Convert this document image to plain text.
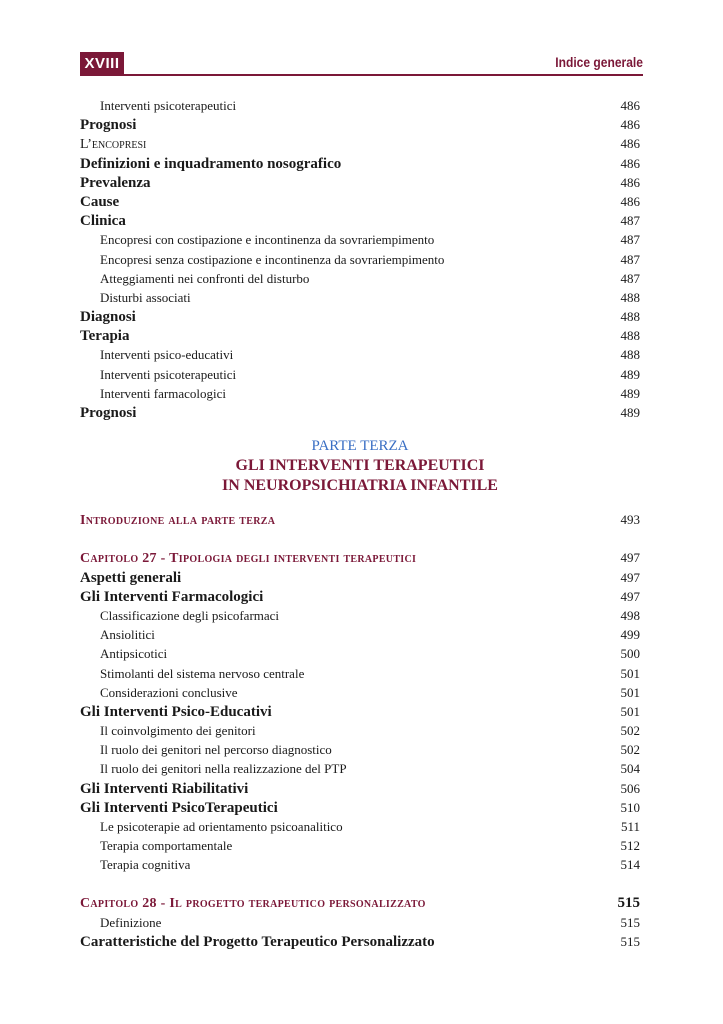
XVIII	Indice generale
Interventi psicoterapeutici	486
Prognosi	486
L’encopresi	486
Definizioni e inquadramento nosografico	486
Prevalenza	486
Cause	486
Clinica	487
Encopresi con costipazione e incontinenza da sovrariempimento	487
Encopresi senza costipazione e incontinenza da sovrariempimento	487
Atteggiamenti nei confronti del disturbo	487
Disturbi associati	488
Diagnosi	488
Terapia	488
Interventi psico-educativi	488
Interventi psicoterapeutici	489
Interventi farmacologici	489
Prognosi	489
PARTE TERZA
GLI INTERVENTI TERAPEUTICI
IN NEUROPSICHIATRIA INFANTILE
Introduzione alla parte terza	493
Capitolo 27 - Tipologia degli interventi terapeutici	497
Aspetti generali	497
Gli Interventi Farmacologici	497
Classificazione degli psicofarmaci	498
Ansiolitici	499
Antipsicotici	500
Stimolanti del sistema nervoso centrale	501
Considerazioni conclusive	501
Gli Interventi Psico-Educativi	501
Il coinvolgimento dei genitori	502
Il ruolo dei genitori nel percorso diagnostico	502
Il ruolo dei genitori nella realizzazione del PTP	504
Gli Interventi Riabilitativi	506
Gli Interventi PsicoTerapeutici	510
Le psicoterapie ad orientamento psicoanalitico	511
Terapia comportamentale	512
Terapia cognitiva	514
Capitolo 28 - Il progetto terapeutico personalizzato	515
Definizione	515
Caratteristiche del Progetto Terapeutico Personalizzato	515
